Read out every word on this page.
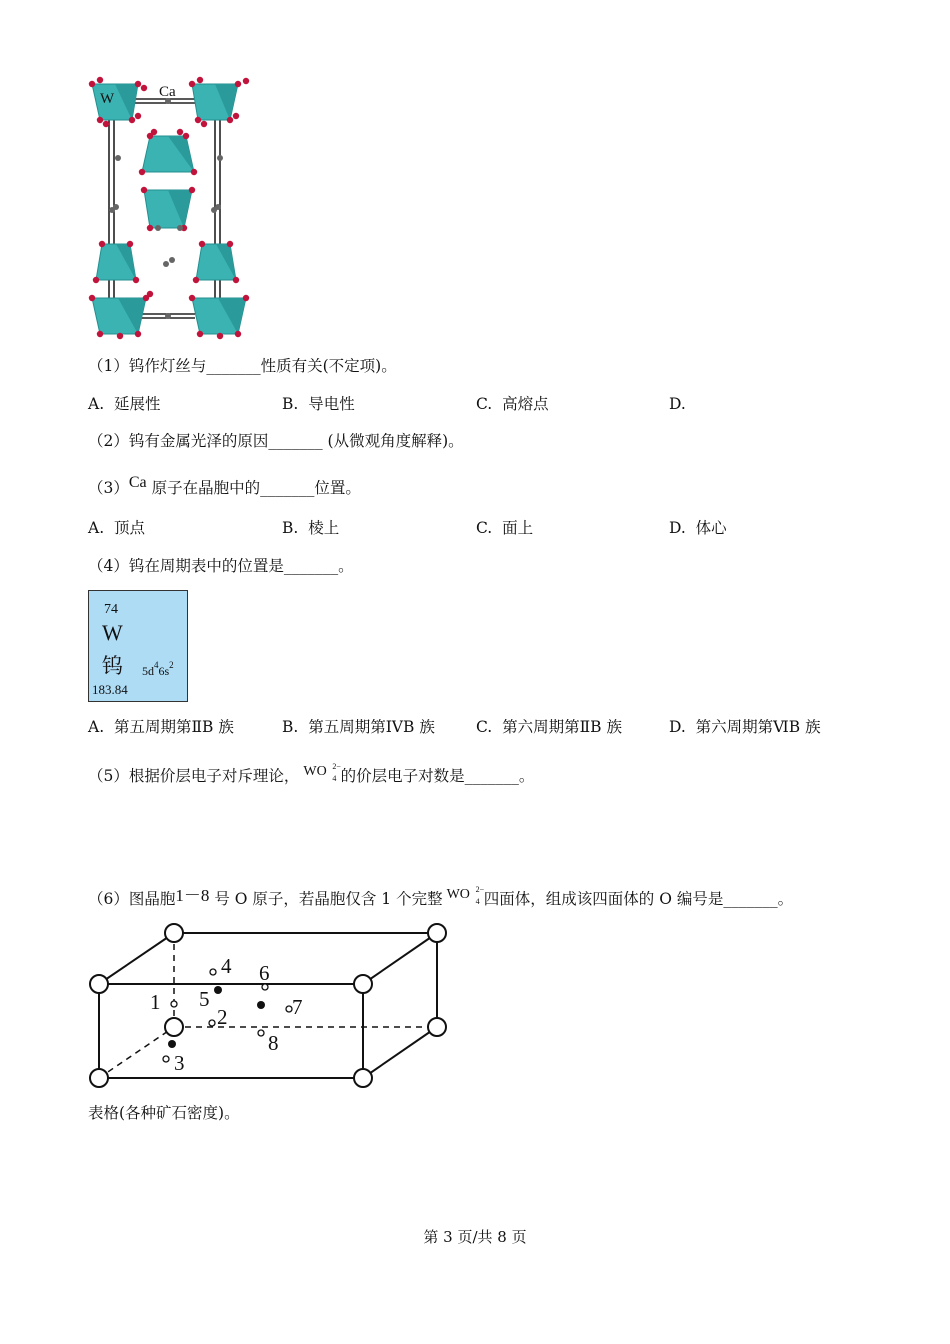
W	Ca
（1）钨作灯丝与_______性质有关(不定项)。
A. 延展性	B. 导电性	C. 高熔点	D.
（2）钨有金属光泽的原因_______ (从微观角度解释)。
（3）Ca 原子在晶胞中的_______位置。
A. 顶点	B. 棱上	C. 面上	D. 体心
（4）钨在周期表中的位置是_______。
74
W
钨 $5d^46s^2$
183.84
A. 第五周期第ⅡB 族	B. 第五周期第IVB 族	C. 第六周期第ⅡB 族	D. 第六周期第ⅥB 族
（5）根据价层电子对斥理论， WO 2−
4 的价层电子对数是_______。
（6）图晶胞1－8 号 O 原子，若晶胞仅含 1 个完整 WO 2−
4 四面体，组成该四面体的 O 编号是_______。
1
2
3
4
5
6
7
8
表格(各种矿石密度)。
第 3 页/共 8 页
